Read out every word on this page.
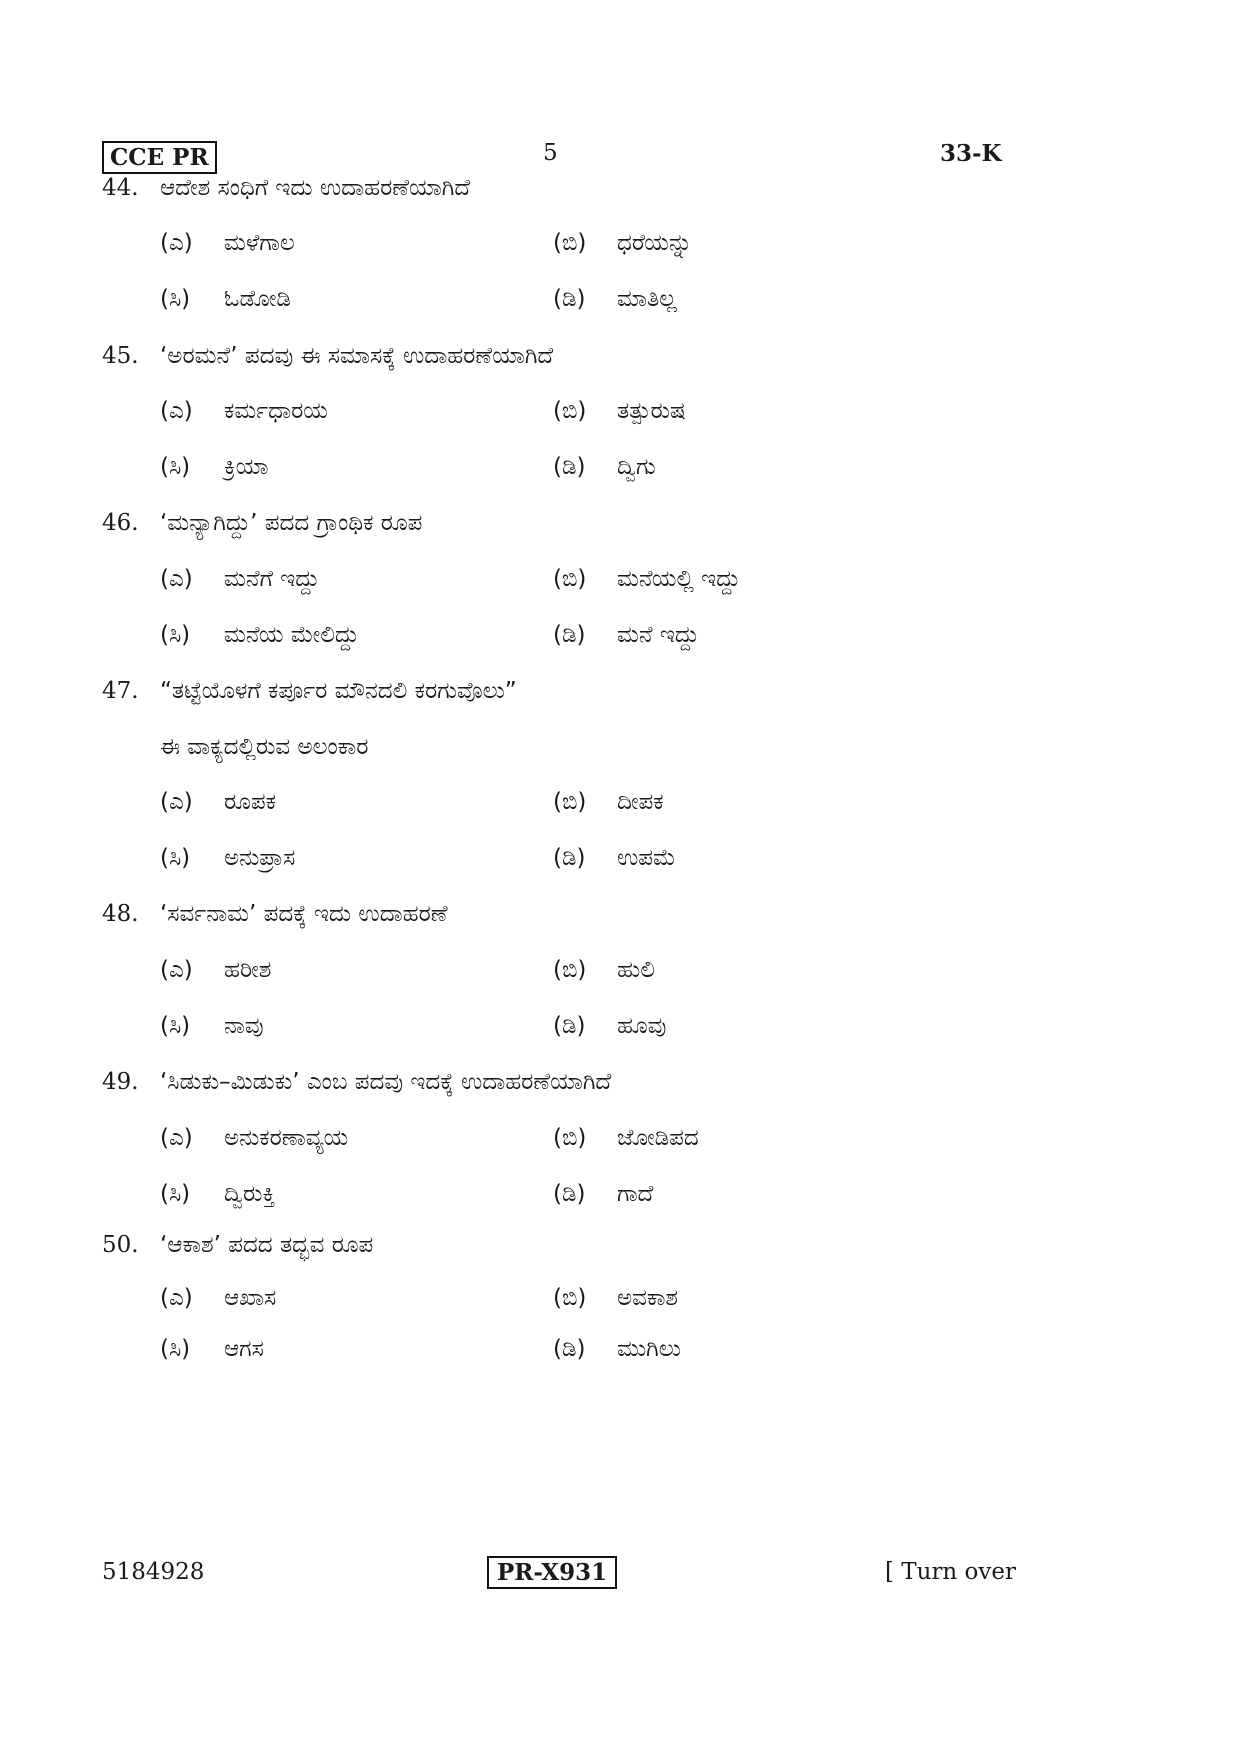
CCE PR	5	33-K
44. ಆದೇಶ ಸಂಧಿಗೆ ಇದು ಉದಾಹರಣೆಯಾಗಿದೆ
(ಎ) ಮಳೆಗಾಲ	(ಬಿ) ಧರೆಯನ್ನು
(ಸಿ) ಓಡೋಡಿ	(ಡಿ) ಮಾತಿಲ್ಲ
45. ‘ಅರಮನೆ’ ಪದವು ಈ ಸಮಾಸಕ್ಕೆ ಉದಾಹರಣೆಯಾಗಿದೆ
(ಎ) ಕರ್ಮಧಾರಯ	(ಬಿ) ತತ್ಪುರುಷ
(ಸಿ) ಕ್ರಿಯಾ	(ಡಿ) ದ್ವಿಗು
46. ‘ಮನ್ಯಾಗಿದ್ದು’ ಪದದ ಗ್ರಾಂಥಿಕ ರೂಪ
(ಎ) ಮನೆಗೆ ಇದ್ದು	(ಬಿ) ಮನೆಯಲ್ಲಿ ಇದ್ದು
(ಸಿ) ಮನೆಯ ಮೇಲಿದ್ದು	(ಡಿ) ಮನೆ ಇದ್ದು
47. “ತಟ್ಟೆಯೊಳಗೆ ಕರ್ಪೂರ ಮೌನದಲಿ ಕರಗುವೊಲು”
ಈ ವಾಕ್ಯದಲ್ಲಿರುವ ಅಲಂಕಾರ
(ಎ) ರೂಪಕ	(ಬಿ) ದೀಪಕ
(ಸಿ) ಅನುಪ್ರಾಸ	(ಡಿ) ಉಪಮೆ
48. ‘ಸರ್ವನಾಮ’ ಪದಕ್ಕೆ ಇದು ಉದಾಹರಣೆ
(ಎ) ಹರೀಶ	(ಬಿ) ಹುಲಿ
(ಸಿ) ನಾವು	(ಡಿ) ಹೂವು
49. ‘ಸಿಡುಕು–ಮಿಡುಕು’ ಎಂಬ ಪದವು ಇದಕ್ಕೆ ಉದಾಹರಣೆಯಾಗಿದೆ
(ಎ) ಅನುಕರಣಾವ್ಯಯ	(ಬಿ) ಜೋಡಿಪದ
(ಸಿ) ದ್ವಿರುಕ್ತಿ	(ಡಿ) ಗಾದೆ
50. ‘ಆಕಾಶ’ ಪದದ ತದ್ಭವ ರೂಪ
(ಎ) ಆಖಾಸ	(ಬಿ) ಅವಕಾಶ
(ಸಿ) ಆಗಸ	(ಡಿ) ಮುಗಿಲು
5184928	PR-X931	[ Turn over
